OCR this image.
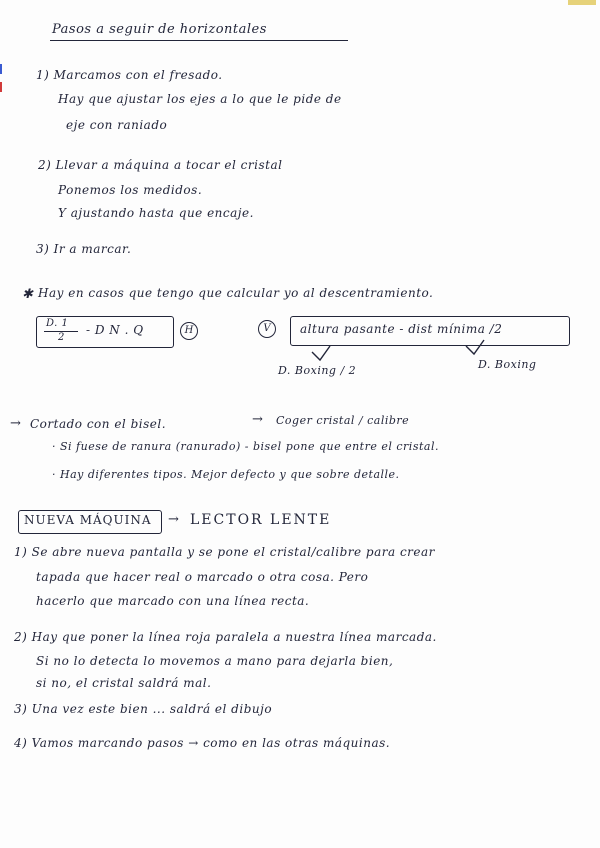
Pasos a seguir de horizontales
1) Marcamos con el fresado.
Hay que ajustar los ejes a lo que le pide de
eje con raniado
2) Llevar a máquina a tocar el cristal
Ponemos los medidos.
Y ajustando hasta que encaje.
3) Ir a marcar.
✱ Hay en casos que tengo que calcular yo al descentramiento.
D. 1
2
- D N . Q	H	V	altura pasante - dist mínima /2
D. Boxing / 2	D. Boxing
→ Cortado con el bisel.	→ Coger cristal / calibre
· Si fuese de ranura (ranurado) - bisel pone que entre el cristal.
· Hay diferentes tipos. Mejor defecto y que sobre detalle.
NUEVA MÁQUINA → LECTOR LENTE
1) Se abre nueva pantalla y se pone el cristal/calibre para crear
tapada que hacer real o marcado o otra cosa. Pero
hacerlo que marcado con una línea recta.
2) Hay que poner la línea roja paralela a nuestra línea marcada.
Si no lo detecta lo movemos a mano para dejarla bien,
si no, el cristal saldrá mal.
3) Una vez este bien ... saldrá el dibujo
4) Vamos marcando pasos → como en las otras máquinas.
